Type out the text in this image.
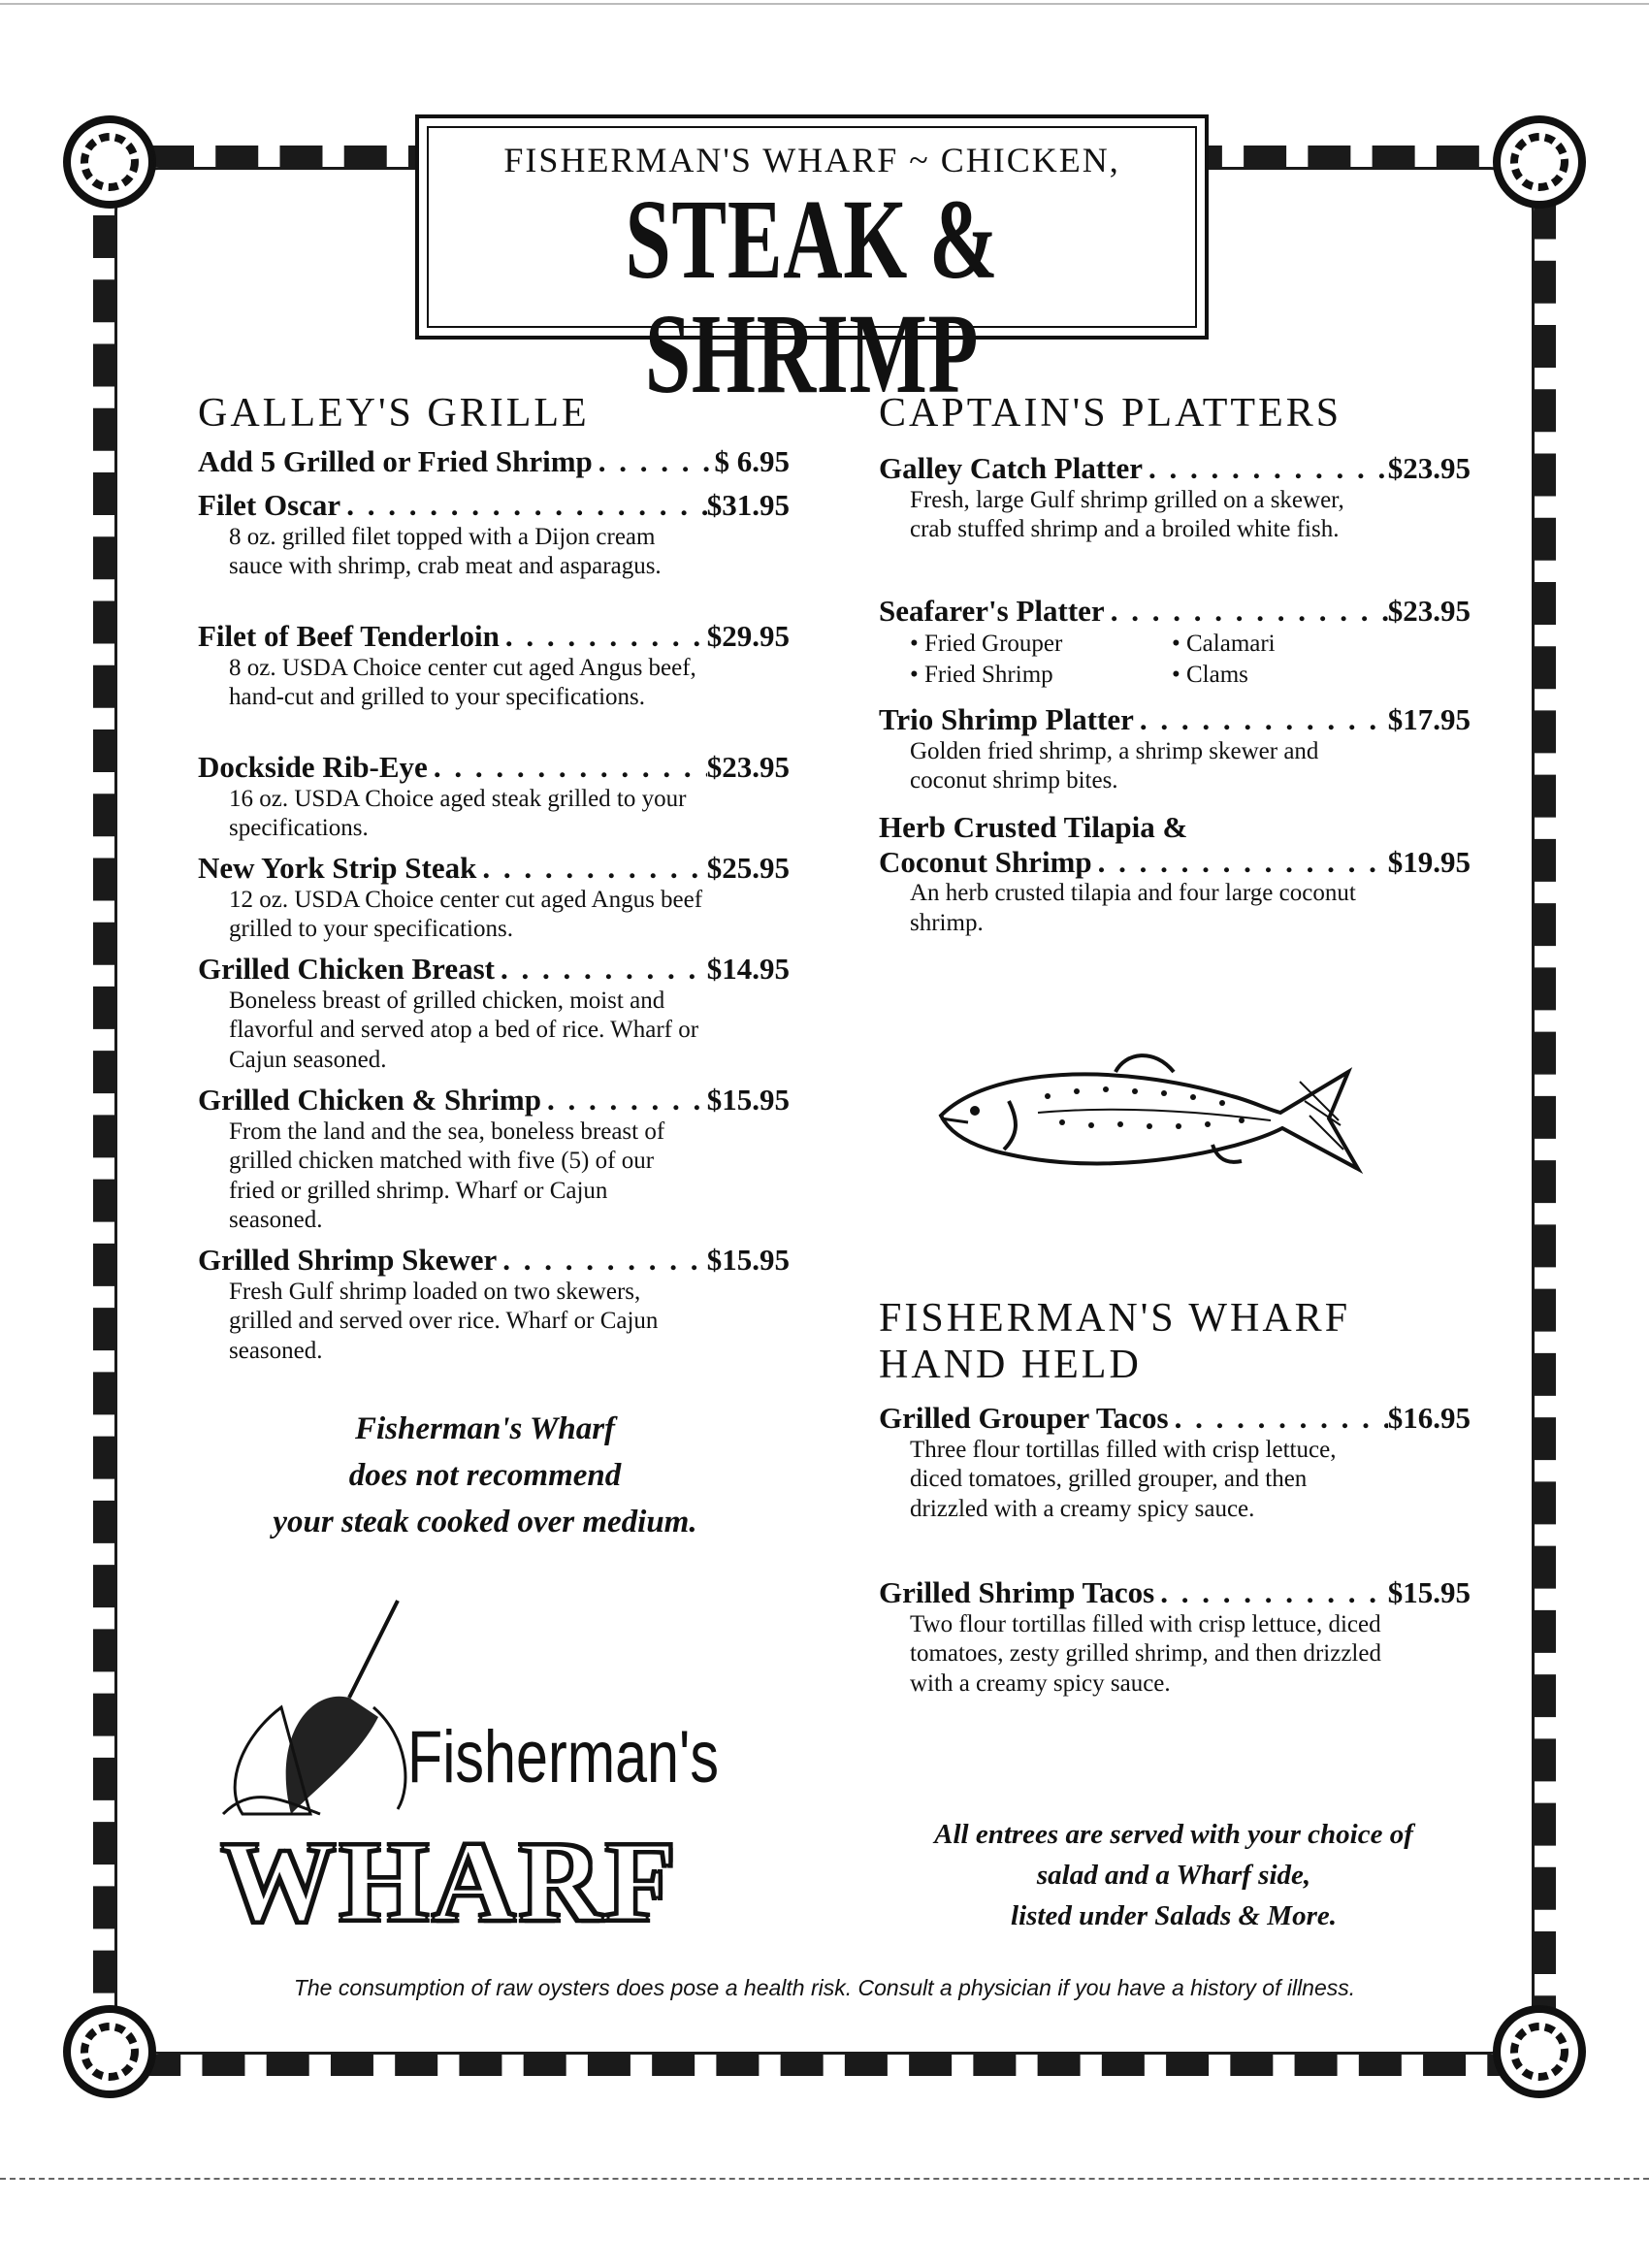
FISHERMAN'S WHARF ~ CHICKEN,
STEAK & SHRIMP
GALLEY'S GRILLE
Add 5 Grilled or Fried Shrimp . . .	$ 6.95
Filet Oscar . . .	$31.95
8 oz. grilled filet topped with a Dijon cream sauce with shrimp, crab meat and asparagus.
Filet of Beef Tenderloin . . .	$29.95
8 oz. USDA Choice center cut aged Angus beef, hand-cut and grilled to your specifications.
Dockside Rib-Eye . . .	$23.95
16 oz. USDA Choice aged steak grilled to your specifications.
New York Strip Steak . . .	$25.95
12 oz. USDA Choice center cut aged Angus beef grilled to your specifications.
Grilled Chicken Breast . . .	$14.95
Boneless breast of grilled chicken, moist and flavorful and served atop a bed of rice. Wharf or Cajun seasoned.
Grilled Chicken & Shrimp . . .	$15.95
From the land and the sea, boneless breast of grilled chicken matched with five (5) of our fried or grilled shrimp. Wharf or Cajun seasoned.
Grilled Shrimp Skewer . . .	$15.95
Fresh Gulf shrimp loaded on two skewers, grilled and served over rice. Wharf or Cajun seasoned.
Fisherman's Wharf
does not recommend
your steak cooked over medium.
Fisherman's
WHARF
CAPTAIN'S PLATTERS
Galley Catch Platter . . .	$23.95
Fresh, large Gulf shrimp grilled on a skewer, crab stuffed shrimp and a broiled white fish.
Seafarer's Platter . . .	$23.95
• Fried Grouper	• Calamari
• Fried Shrimp	• Clams
Trio Shrimp Platter . . .	$17.95
Golden fried shrimp, a shrimp skewer and coconut shrimp bites.
Herb Crusted Tilapia &
Coconut Shrimp . . .	$19.95
An herb crusted tilapia and four large coconut shrimp.
FISHERMAN'S WHARF
HAND HELD
Grilled Grouper Tacos . . .	$16.95
Three flour tortillas filled with crisp lettuce, diced tomatoes, grilled grouper, and then drizzled with a creamy spicy sauce.
Grilled Shrimp Tacos . . .	$15.95
Two flour tortillas filled with crisp lettuce, diced tomatoes, zesty grilled shrimp, and then drizzled with a creamy spicy sauce.
All entrees are served with your choice of
salad and a Wharf side,
listed under Salads & More.
The consumption of raw oysters does pose a health risk. Consult a physician if you have a history of illness.
